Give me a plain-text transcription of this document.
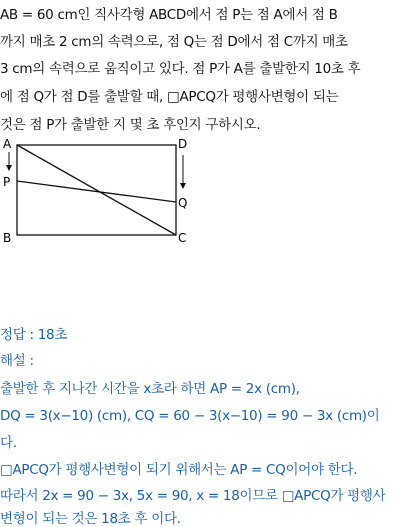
AB = 60 cm인 직사각형 ABCD에서 점 P는 점 A에서 점 B
까지 매초 2 cm의 속력으로, 점 Q는 점 D에서 점 C까지 매초
3 cm의 속력으로 움직이고 있다. 점 P가 A를 출발한지 10초 후
에 점 Q가 점 D를 출발할 때, □APCQ가 평행사변형이 되는
것은 점 P가 출발한 지 몇 초 후인지 구하시오.
A
P
B
D
Q
C
정답 : 18초
해설 :
출발한 후 지나간 시간을 x초라 하면 AP = 2x (cm),
DQ = 3(x−10) (cm), CQ = 60 − 3(x−10) = 90 − 3x (cm)이
다.
□APCQ가 평행사변형이 되기 위해서는 AP = CQ이어야 한다.
따라서 2x = 90 − 3x, 5x = 90, x = 18이므로 □APCQ가 평행사
변형이 되는 것은 18초 후 이다.
